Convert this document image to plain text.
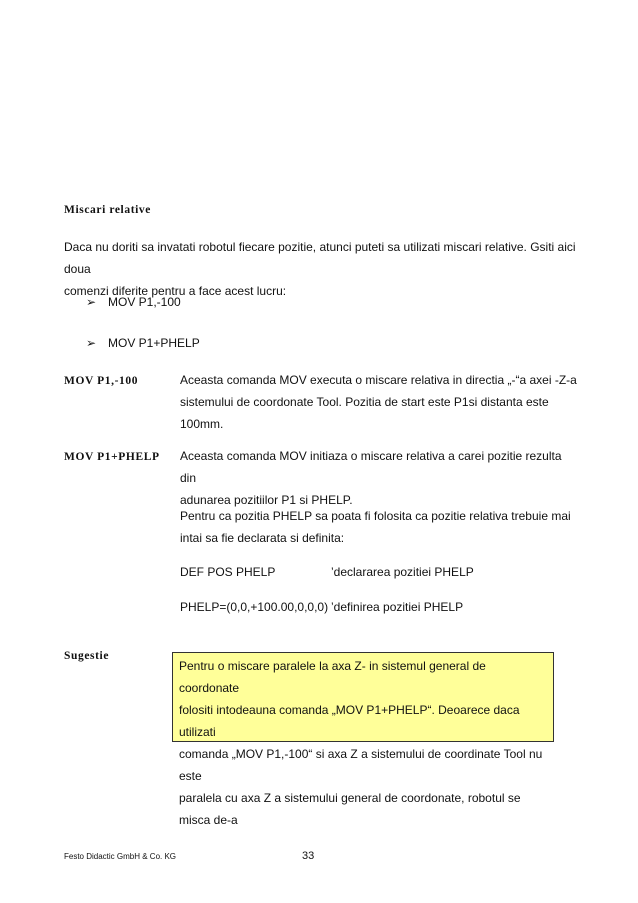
Miscari relative
Daca nu doriti sa invatati robotul fiecare pozitie, atunci puteti sa utilizati miscari relative. Gsiti aici doua
comenzi diferite pentru a face acest lucru:
➢ MOV P1,-100
➢ MOV P1+PHELP
MOV P1,-100	Aceasta comanda MOV executa o miscare relativa in directia „-“a axei -Z-a
sistemului de coordonate Tool. Pozitia de start este P1si distanta este
100mm.
MOV P1+PHELP Aceasta comanda MOV initiaza o miscare relativa a carei pozitie rezulta din
adunarea pozitiilor P1 si PHELP.
Pentru ca pozitia PHELP sa poata fi folosita ca pozitie relativa trebuie mai
intai sa fie declarata si definita:
DEF POS PHELP	’declararea pozitiei PHELP
PHELP=(0,0,+100.00,0,0,0) ’definirea pozitiei PHELP
Sugestie
Pentru o miscare paralele la axa Z- in sistemul general de coordonate
folositi intodeauna comanda „MOV P1+PHELP“. Deoarece daca utilizati
comanda „MOV P1,-100“ si axa Z a sistemului de coordinate Tool nu este
paralela cu axa Z a sistemului general de coordonate, robotul se misca de-a
Festo Didactic GmbH & Co. KG	33
